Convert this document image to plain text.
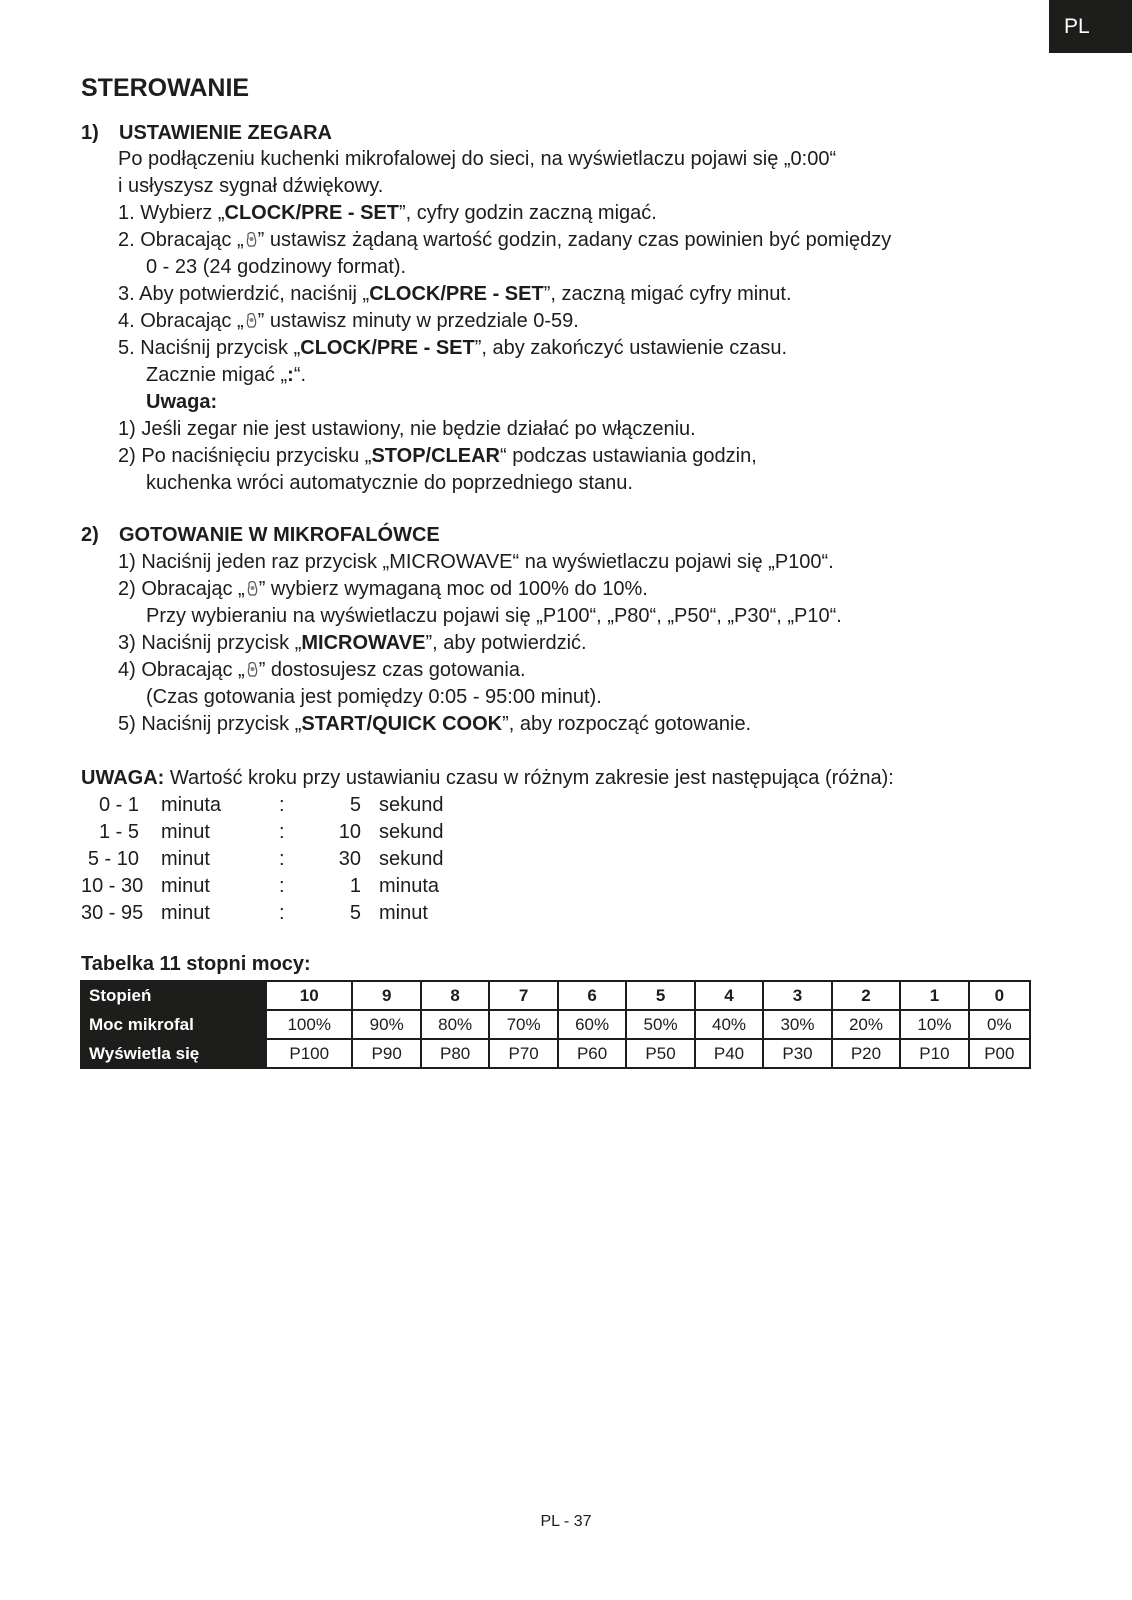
PL
STEROWANIE
1) USTAWIENIE ZEGARA
Po podłączeniu kuchenki mikrofalowej do sieci, na wyświetlaczu pojawi się „0:00“
i usłyszysz sygnał dźwiękowy.
1. Wybierz „CLOCK/PRE - SET”, cyfry godzin zaczną migać.
2. Obracając „ ” ustawisz żądaną wartość godzin, zadany czas powinien być pomiędzy
0 - 23 (24 godzinowy format).
3. Aby potwierdzić, naciśnij „CLOCK/PRE - SET”, zaczną migać cyfry minut.
4. Obracając „ ” ustawisz minuty w przedziale 0-59.
5. Naciśnij przycisk „CLOCK/PRE - SET”, aby zakończyć ustawienie czasu.
Zacznie migać „:“.
Uwaga:
1) Jeśli zegar nie jest ustawiony, nie będzie działać po włączeniu.
2) Po naciśnięciu przycisku „STOP/CLEAR“ podczas ustawiania godzin,
kuchenka wróci automatycznie do poprzedniego stanu.
2) GOTOWANIE W MIKROFALÓWCE
1) Naciśnij jeden raz przycisk „MICROWAVE“ na wyświetlaczu pojawi się „P100“.
2) Obracając „ ” wybierz wymaganą moc od 100% do 10%.
Przy wybieraniu na wyświetlaczu pojawi się „P100“, „P80“, „P50“, „P30“, „P10“.
3) Naciśnij przycisk „MICROWAVE”, aby potwierdzić.
4) Obracając „ ” dostosujesz czas gotowania.
(Czas gotowania jest pomiędzy 0:05 - 95:00 minut).
5) Naciśnij przycisk „START/QUICK COOK”, aby rozpocząć gotowanie.
UWAGA: Wartość kroku przy ustawianiu czasu w różnym zakresie jest następująca (różna):
0 - 1 minuta	:	5 sekund
1 - 5 minut	:	10 sekund
5 - 10 minut	:	30 sekund
10 - 30 minut	:	1 minuta
30 - 95 minut	:	5 minut
Tabelka 11 stopni mocy:
Stopień	10	9	8	7	6	5	4	3	2	1	0
Moc mikrofal	100%	90%	80%	70%	60%	50%	40%	30%	20%	10%	0%
Wyświetla się	P100	P90	P80	P70	P60	P50	P40	P30	P20	P10	P00
PL - 37
